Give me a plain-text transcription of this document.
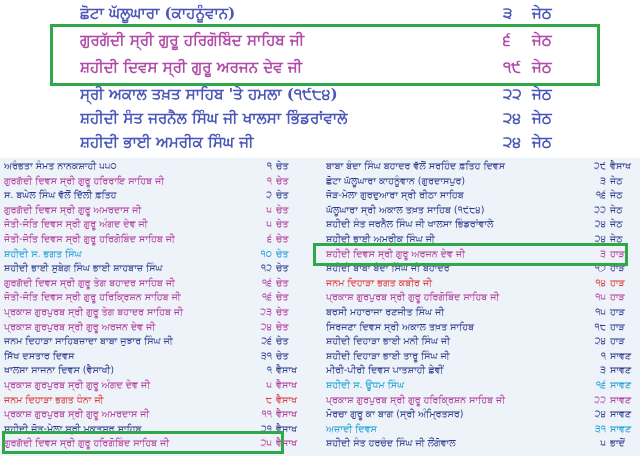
ਛੋਟਾ ਘੱਲੂਘਾਰਾ (ਕਾਹਨੂੰਵਾਨ)	੩ ਜੇਠ
ਗੁਰਗੱਦੀ ਸ੍ਰੀ ਗੁਰੂ ਹਰਿਗੋਬਿੰਦ ਸਾਹਿਬ ਜੀ	੬ ਜੇਠ
ਸ਼ਹੀਦੀ ਦਿਵਸ ਸ੍ਰੀ ਗੁਰੂ ਅਰਜਨ ਦੇਵ ਜੀ	੧੯ ਜੇਠ
ਸ੍ਰੀ ਅਕਾਲ ਤਖ਼ਤ ਸਾਹਿਬ 'ਤੇ ਹਮਲਾ (੧੯੮੪)	੨੨ ਜੇਠ
ਸ਼ਹੀਦੀ ਸੰਤ ਜਰਨੈਲ ਸਿੰਘ ਜੀ ਖਾਲਸਾ ਭਿੰਡਰਾਂਵਾਲੇ	੨੪ ਜੇਠ
ਸ਼ਹੀਦੀ ਭਾਈ ਅਮਰੀਕ ਸਿੰਘ ਜੀ	੨੪ ਜੇਠ
ਅਰੰਭਤਾ ਸੰਮਤ ਨਾਨਕਸ਼ਾਹੀ ੫੫੦	੧ ਚੇਤ
ਗੁਰਗੱਦੀ ਦਿਵਸ ਸ੍ਰੀ ਗੁਰੂ ਹਰਿਰਾਇ ਸਾਹਿਬ ਜੀ	੧ ਚੇਤ
ਸ. ਬਘੇਲ ਸਿੰਘ ਵੱਲੋਂ ਦਿੱਲੀ ਫ਼ਤਿਹ	੨ ਚੇਤ
ਗੁਰਗੱਦੀ ਦਿਵਸ ਸ੍ਰੀ ਗੁਰੂ ਅਮਰਦਾਸ ਜੀ	੫ ਚੇਤ
ਜੋਤੀ-ਜੋਤਿ ਦਿਵਸ ਸ੍ਰੀ ਗੁਰੂ ਅੰਗਦ ਦੇਵ ਜੀ	੫ ਚੇਤ
ਜੋਤੀ-ਜੋਤਿ ਦਿਵਸ ਸ੍ਰੀ ਗੁਰੂ ਹਰਿਗੋਬਿੰਦ ਸਾਹਿਬ ਜੀ	੬ ਚੇਤ
ਸ਼ਹੀਦੀ ਸ. ਭਗਤ ਸਿੰਘ	੧੦ ਚੇਤ
ਸ਼ਹੀਦੀ ਭਾਈ ਸੁਬੇਗ ਸਿੰਘ ਭਾਈ ਸ਼ਾਹਬਾਜ਼ ਸਿੰਘ	੧੨ ਚੇਤ
ਗੁਰਗੱਦੀ ਦਿਵਸ ਸ੍ਰੀ ਗੁਰੂ ਤੇਗ ਬਹਾਦਰ ਸਾਹਿਬ ਜੀ	੧੬ ਚੇਤ
ਜੋਤੀ-ਜੋਤਿ ਦਿਵਸ ਸ੍ਰੀ ਗੁਰੂ ਹਰਿਕ੍ਰਿਸ਼ਨ ਸਾਹਿਬ ਜੀ	੧੬ ਚੇਤ
ਪ੍ਰਕਾਸ਼ ਗੁਰਪੁਰਬ ਸ੍ਰੀ ਗੁਰੂ ਤੇਗ ਬਹਾਦਰ ਸਾਹਿਬ ਜੀ	੨੩ ਚੇਤ
ਪ੍ਰਕਾਸ਼ ਗੁਰਪੁਰਬ ਸ੍ਰੀ ਗੁਰੂ ਅਰਜਨ ਦੇਵ ਜੀ	੨੪ ਚੇਤ
ਜਨਮ ਦਿਹਾੜਾ ਸਾਹਿਬਜ਼ਾਦਾ ਬਾਬਾ ਜੁਝਾਰ ਸਿੰਘ ਜੀ	੨੬ ਚੇਤ
ਸਿੱਖ ਦਸਤਾਰ ਦਿਵਸ	੩੧ ਚੇਤ
ਖਾਲਸਾ ਸਾਜਨਾ ਦਿਵਸ (ਵੈਸਾਖੀ)	੧ ਵੈਸਾਖ
ਪ੍ਰਕਾਸ਼ ਗੁਰਪੁਰਬ ਸ੍ਰੀ ਗੁਰੂ ਅੰਗਦ ਦੇਵ ਜੀ	੫ ਵੈਸਾਖ
ਜਨਮ ਦਿਹਾੜਾ ਭਗਤ ਧੰਨਾ ਜੀ	੮ ਵੈਸਾਖ
ਪ੍ਰਕਾਸ਼ ਗੁਰਪੁਰਬ ਸ੍ਰੀ ਗੁਰੂ ਅਮਰਦਾਸ ਜੀ	੧੧ ਵੈਸਾਖ
ਸ਼ਹੀਦੀ ਜੋੜ-ਮੇਲਾ ਸ੍ਰੀ ਮੁਕਤਸਰ ਸਾਹਿਬ	੨੧ ਵੈਸਾਖ
ਗੁਰਗੱਦੀ ਦਿਵਸ ਸ੍ਰੀ ਗੁਰੂ ਹਰਿਗੋਬਿੰਦ ਸਾਹਿਬ ਜੀ	੨੫ ਵੈਸਾਖ
ਬਾਬਾ ਬੰਦਾ ਸਿੰਘ ਬਹਾਦਰ ਵੱਲੋਂ ਸਰਹਿੰਦ ਫ਼ਤਿਹ ਦਿਵਸ	੨੯ ਵੈਸਾਖ
ਛੋਟਾ ਘੱਲੂਘਾਰਾ ਕਾਹਨੂੰਵਾਨ (ਗੁਰਦਾਸਪੁਰ)	੩ ਜੇਠ
ਜੋੜ-ਮੇਲਾ ਗੁਰਦੁਆਰਾ ਸ੍ਰੀ ਰੀਠਾ ਸਾਹਿਬ	੧੬ ਜੇਠ
ਘੱਲੂਘਾਰਾ ਸ੍ਰੀ ਅਕਾਲ ਤਖ਼ਤ ਸਾਹਿਬ (੧੯੮੪)	੨੨ ਜੇਠ
ਸ਼ਹੀਦੀ ਸੰਤ ਜਰਨੈਲ ਸਿੰਘ ਜੀ ਖਾਲਸਾ ਭਿੰਡਰਾਂਵਾਲੇ	੨੪ ਜੇਠ
ਸ਼ਹੀਦੀ ਭਾਈ ਅਮਰੀਕ ਸਿੰਘ ਜੀ	੨੪ ਜੇਠ
ਸ਼ਹੀਦੀ ਦਿਵਸ ਸ੍ਰੀ ਗੁਰੂ ਅਰਜਨ ਦੇਵ ਜੀ	੩ ਹਾੜ
ਸ਼ਹੀਦੀ ਬਾਬਾ ਬੰਦਾ ਸਿੰਘ ਜੀ ਬਹਾਦਰ	੧੭ ਹਾੜ
ਜਨਮ ਦਿਹਾੜਾ ਭਗਤ ਕਬੀਰ ਜੀ	੧੪ ਹਾੜ
ਪ੍ਰਕਾਸ਼ ਗੁਰਪੁਰਬ ਸ੍ਰੀ ਗੁਰੂ ਹਰਿਗੋਬਿੰਦ ਸਾਹਿਬ ਜੀ	੧੫ ਹਾੜ
ਬਰਸੀ ਮਹਾਰਾਜਾ ਰਣਜੀਤ ਸਿੰਘ ਜੀ	੧੫ ਹਾੜ
ਸਿਰਜਣਾ ਦਿਵਸ ਸ੍ਰੀ ਅਕਾਲ ਤਖ਼ਤ ਸਾਹਿਬ	੧੮ ਹਾੜ
ਸ਼ਹੀਦੀ ਦਿਹਾੜਾ ਭਾਈ ਮਨੀ ਸਿੰਘ ਜੀ	੨੪ ਹਾੜ
ਸ਼ਹੀਦੀ ਦਿਹਾੜਾ ਭਾਈ ਤਾਰੂ ਸਿੰਘ ਜੀ	੧ ਸਾਵਣ
ਮੀਰੀ-ਪੀਰੀ ਦਿਵਸ ਪਾਤਸ਼ਾਹੀ ਛੇਵੀਂ	੩ ਸਾਵਣ
ਸ਼ਹੀਦੀ ਸ. ਊਧਮ ਸਿੰਘ	੧੬ ਸਾਵਣ
ਪ੍ਰਕਾਸ਼ ਗੁਰਪੁਰਬ ਸ੍ਰੀ ਗੁਰੂ ਹਰਿਕ੍ਰਿਸ਼ਨ ਸਾਹਿਬ ਜੀ	੨੨ ਸਾਵਣ
ਮੋਰਚਾ ਗੁਰੂ ਕਾ ਬਾਗ (ਸ੍ਰੀ ਅੰਮ੍ਰਿਤਸਰ)	੨੪ ਸਾਵਣ
ਅਜ਼ਾਦੀ ਦਿਵਸ	੩੧ ਸਾਵਣ
ਸ਼ਹੀਦੀ ਸੰਤ ਹਰਚੰਦ ਸਿੰਘ ਜੀ ਲੌਂਗੋਵਾਲ	੫ ਭਾਦੋਂ
